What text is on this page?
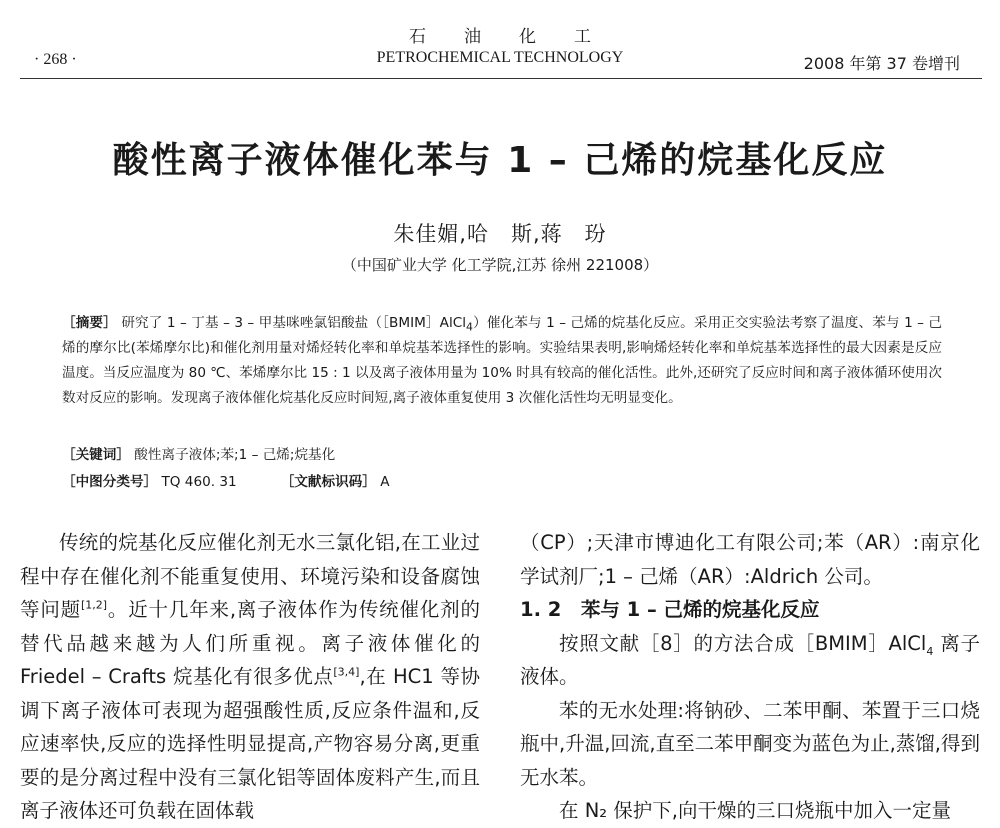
石油化工
PETROCHEMICAL TECHNOLOGY
· 268 ·	2008 年第 37 卷增刊
酸性离子液体催化苯与 1 – 己烯的烷基化反应
朱佳媚,哈　斯,蒋　玢
（中国矿业大学 化工学院,江苏 徐州 221008）
［摘要］ 研究了 1 – 丁基 – 3 – 甲基咪唑氯铝酸盐（［BMIM］AlCl$_4$）催化苯与 1 – 己烯的烷基化反应。采用正交实验法考察了温度、苯与 1 – 己烯的摩尔比(苯烯摩尔比)和催化剂用量对烯烃转化率和单烷基苯选择性的影响。实验结果表明,影响烯烃转化率和单烷基苯选择性的最大因素是反应温度。当反应温度为 80 ℃、苯烯摩尔比 15 : 1 以及离子液体用量为 10% 时具有较高的催化活性。此外,还研究了反应时间和离子液体循环使用次数对反应的影响。发现离子液体催化烷基化反应时间短,离子液体重复使用 3 次催化活性均无明显变化。
［关键词］ 酸性离子液体;苯;1 – 己烯;烷基化
［中图分类号］ TQ 460. 31	［文献标识码］ A

传统的烷基化反应催化剂无水三氯化铝,在工业过程中存在催化剂不能重复使用、环境污染和设备腐蚀等问题[1,2]。近十几年来,离子液体作为传统催化剂的替代品越来越为人们所重视。离子液体催化的 Friedel – Crafts 烷基化有很多优点[3,4],在 HC1 等协调下离子液体可表现为超强酸性质,反应条件温和,反应速率快,反应的选择性明显提高,产物容易分离,更重要的是分离过程中没有三氯化铝等固体废料产生,而且离子液体还可负载在固体载

（CP）;天津市博迪化工有限公司;苯（AR）:南京化学试剂厂;1 – 己烯（AR）:Aldrich 公司。

1. 2　苯与 1 – 己烯的烷基化反应

按照文献［8］的方法合成［BMIM］AlCl$_4$ 离子液体。

苯的无水处理:将钠砂、二苯甲酮、苯置于三口烧瓶中,升温,回流,直至二苯甲酮变为蓝色为止,蒸馏,得到无水苯。

在 N₂ 保护下,向干燥的三口烧瓶中加入一定量
